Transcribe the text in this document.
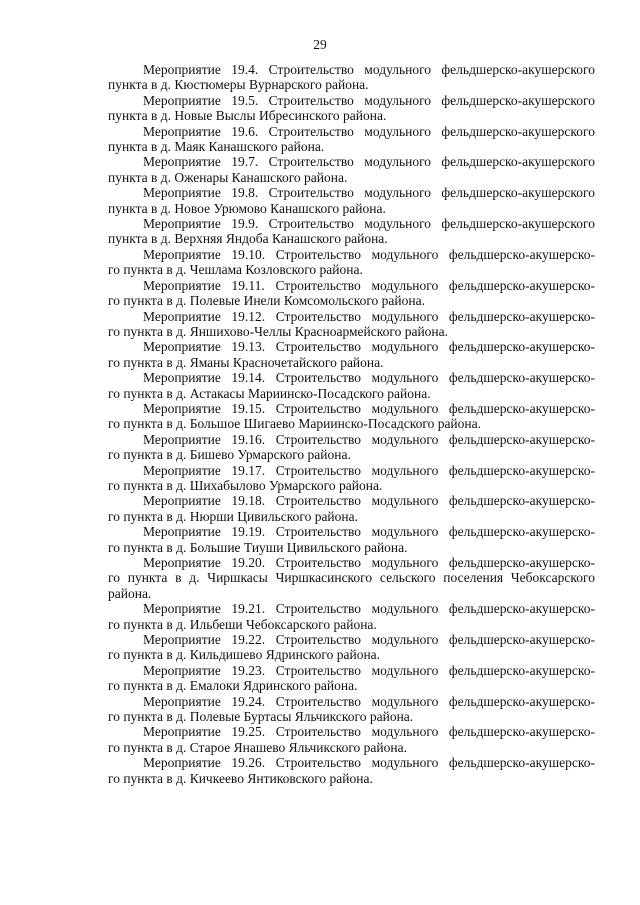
29
Мероприятие 19.4. Строительство модульного фельдшерско-акушерского
пункта в д. Кюстюмеры Вурнарского района.
Мероприятие 19.5. Строительство модульного фельдшерско-акушерского
пункта в д. Новые Выслы Ибресинского района.
Мероприятие 19.6. Строительство модульного фельдшерско-акушерского
пункта в д. Маяк Канашского района.
Мероприятие 19.7. Строительство модульного фельдшерско-акушерского
пункта в д. Оженары Канашского района.
Мероприятие 19.8. Строительство модульного фельдшерско-акушерского
пункта в д. Новое Урюмово Канашского района.
Мероприятие 19.9. Строительство модульного фельдшерско-акушерского
пункта в д. Верхняя Яндоба Канашского района.
Мероприятие 19.10. Строительство модульного фельдшерско-акушерско-
го пункта в д. Чешлама Козловского района.
Мероприятие 19.11. Строительство модульного фельдшерско-акушерско-
го пункта в д. Полевые Инели Комсомольского района.
Мероприятие 19.12. Строительство модульного фельдшерско-акушерско-
го пункта в д. Яншихово-Челлы Красноармейского района.
Мероприятие 19.13. Строительство модульного фельдшерско-акушерско-
го пункта в д. Яманы Красночетайского района.
Мероприятие 19.14. Строительство модульного фельдшерско-акушерско-
го пункта в д. Астакасы Мариинско-Посадского района.
Мероприятие 19.15. Строительство модульного фельдшерско-акушерско-
го пункта в д. Большое Шигаево Мариинско-Посадского района.
Мероприятие 19.16. Строительство модульного фельдшерско-акушерско-
го пункта в д. Бишево Урмарского района.
Мероприятие 19.17. Строительство модульного фельдшерско-акушерско-
го пункта в д. Шихабылово Урмарского района.
Мероприятие 19.18. Строительство модульного фельдшерско-акушерско-
го пункта в д. Нюрши Цивильского района.
Мероприятие 19.19. Строительство модульного фельдшерско-акушерско-
го пункта в д. Большие Тиуши Цивильского района.
Мероприятие 19.20. Строительство модульного фельдшерско-акушерско-
го пункта в д. Чиршкасы Чиршкасинского сельского поселения Чебоксарского
района.
Мероприятие 19.21. Строительство модульного фельдшерско-акушерско-
го пункта в д. Ильбеши Чебоксарского района.
Мероприятие 19.22. Строительство модульного фельдшерско-акушерско-
го пункта в д. Кильдишево Ядринского района.
Мероприятие 19.23. Строительство модульного фельдшерско-акушерско-
го пункта в д. Емалоки Ядринского района.
Мероприятие 19.24. Строительство модульного фельдшерско-акушерско-
го пункта в д. Полевые Буртасы Яльчикского района.
Мероприятие 19.25. Строительство модульного фельдшерско-акушерско-
го пункта в д. Старое Янашево Яльчикского района.
Мероприятие 19.26. Строительство модульного фельдшерско-акушерско-
го пункта в д. Кичкеево Янтиковского района.
